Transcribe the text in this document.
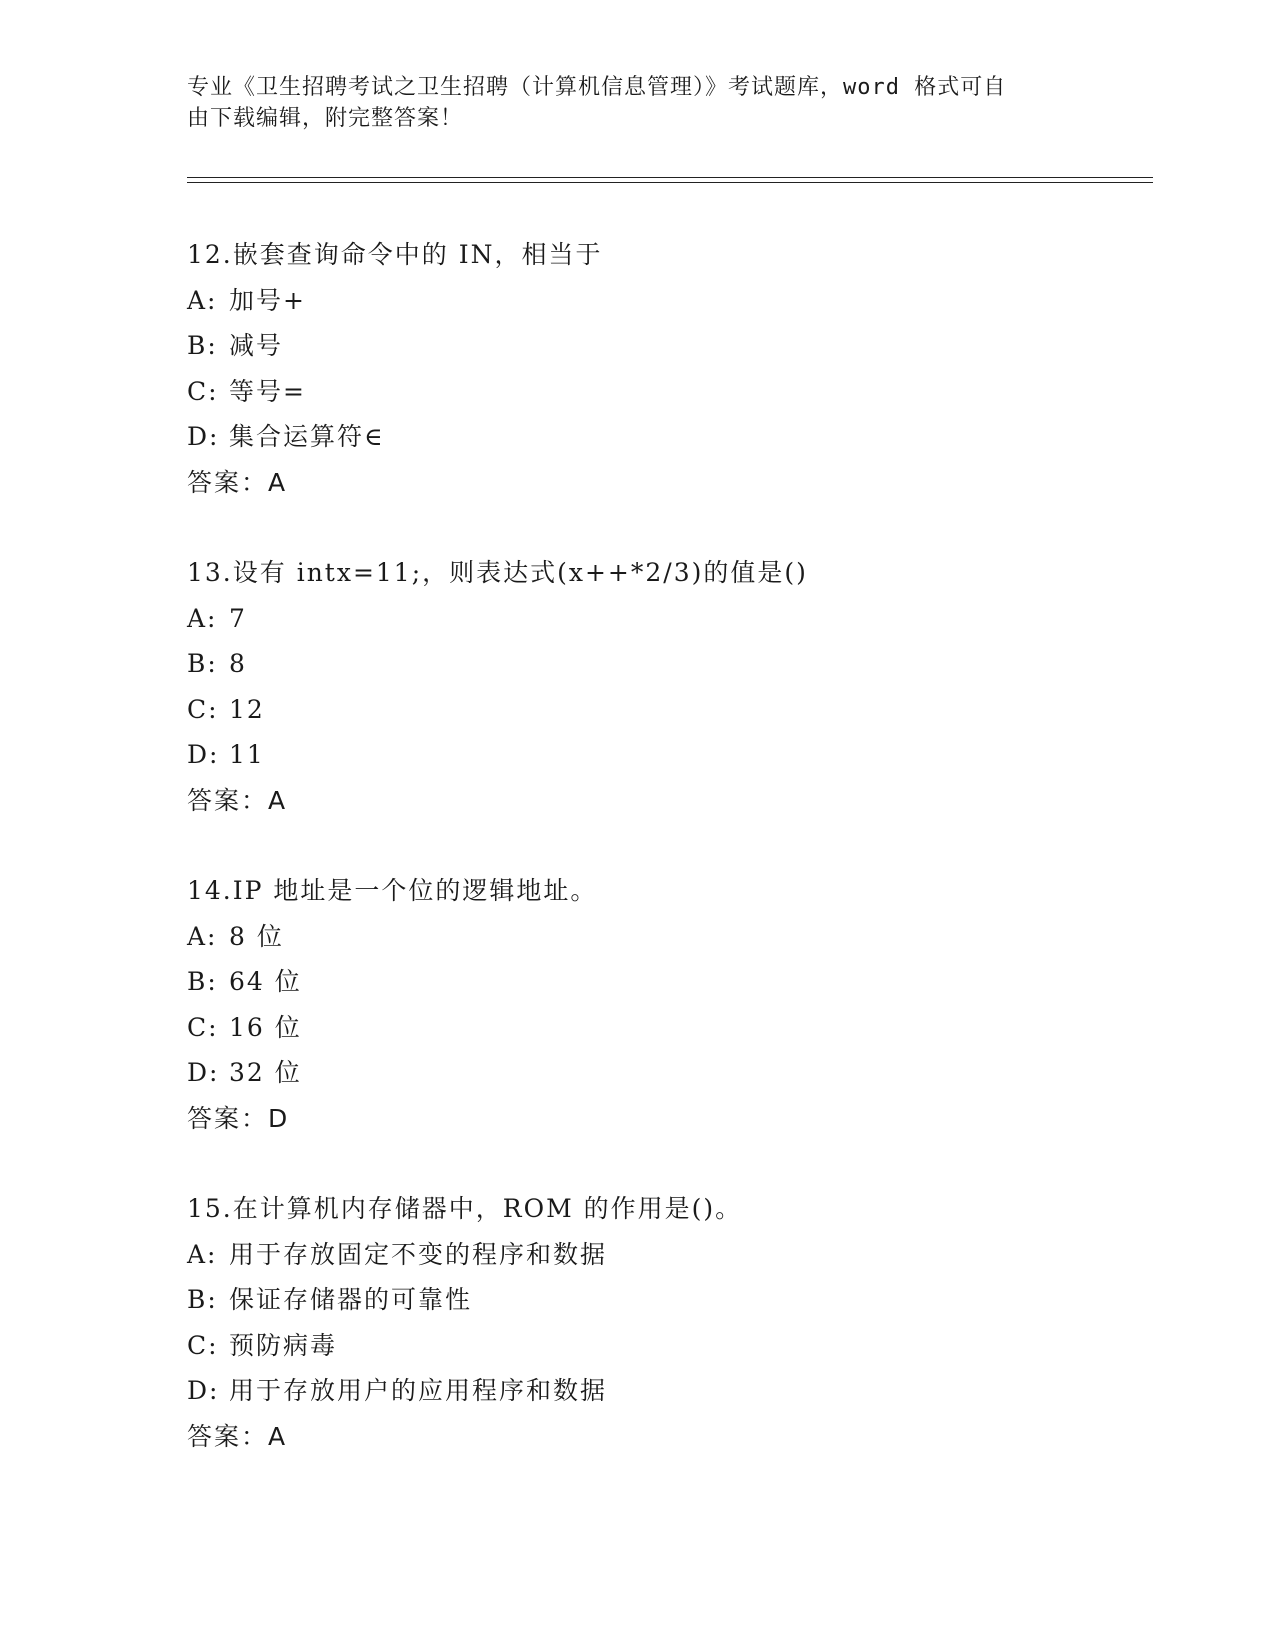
专业《卫生招聘考试之卫生招聘（计算机信息管理）》考试题库，word 格式可自
由下载编辑，附完整答案！
12.嵌套查询命令中的 IN，相当于
A: 加号+
B: 减号
C: 等号=
D: 集合运算符∈
答案：A
13.设有 intx=11;，则表达式(x++*2/3)的值是()
A: 7
B: 8
C: 12
D: 11
答案：A
14.IP 地址是一个位的逻辑地址。
A: 8 位
B: 64 位
C: 16 位
D: 32 位
答案：D
15.在计算机内存储器中，ROM 的作用是()。
A: 用于存放固定不变的程序和数据
B: 保证存储器的可靠性
C: 预防病毒
D: 用于存放用户的应用程序和数据
答案：A
